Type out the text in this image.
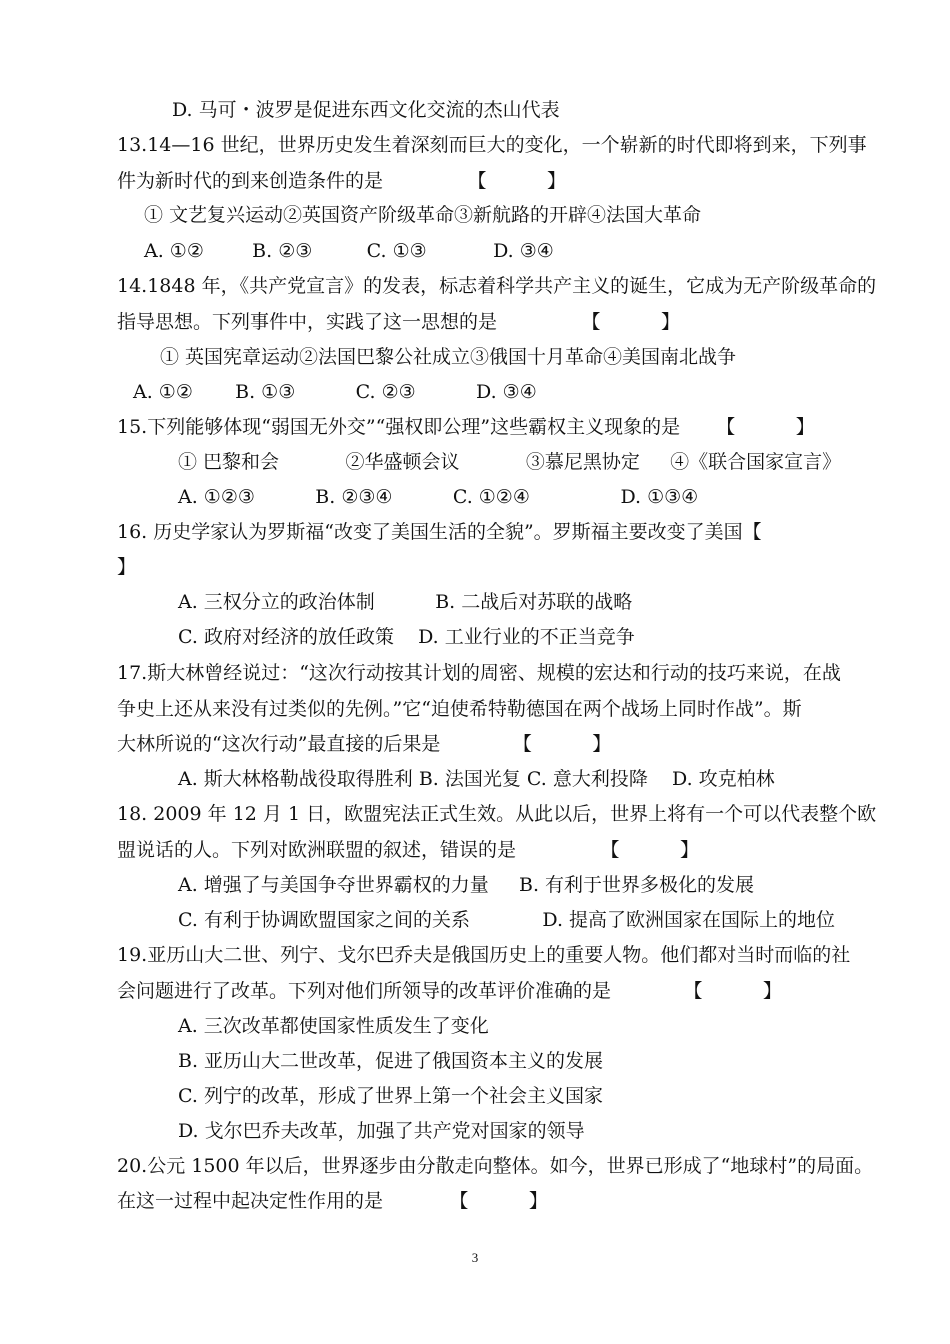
D. 马可・波罗是促进东西文化交流的杰山代表
13.14—16 世纪，世界历史发生着深刻而巨大的变化，一个崭新的时代即将到来，下列事
件为新时代的到来创造条件的是              【          】
① 文艺复兴运动②英国资产阶级革命③新航路的开辟④法国大革命
A. ①②        B. ②③         C. ①③           D. ③④
14.1848 年，《共产党宣言》的发表，标志着科学共产主义的诞生，它成为无产阶级革命的
指导思想。下列事件中，实践了这一思想的是              【          】
① 英国宪章运动②法国巴黎公社成立③俄国十月革命④美国南北战争
A. ①②       B. ①③          C. ②③          D. ③④
15.下列能够体现“弱国无外交”“强权即公理”这些霸权主义现象的是      【          】
① 巴黎和会           ②华盛顿会议           ③慕尼黑协定     ④《联合国家宣言》
A. ①②③          B. ②③④          C. ①②④               D. ①③④
16. 历史学家认为罗斯福“改变了美国生活的全貌”。罗斯福主要改变了美国【
】
A. 三权分立的政治体制          B. 二战后对苏联的战略
C. 政府对经济的放任政策    D. 工业行业的不正当竞争
17.斯大林曾经说过：“这次行动按其计划的周密、规模的宏达和行动的技巧来说，在战
争史上还从来没有过类似的先例。”它“迫使希特勒德国在两个战场上同时作战”。斯
大林所说的“这次行动”最直接的后果是            【          】
A. 斯大林格勒战役取得胜利 B. 法国光复 C. 意大利投降    D. 攻克柏林
18. 2009 年 12 月 1 日，欧盟宪法正式生效。从此以后，世界上将有一个可以代表整个欧
盟说话的人。下列对欧洲联盟的叙述，错误的是              【          】
A. 增强了与美国争夺世界霸权的力量     B. 有利于世界多极化的发展
C. 有利于协调欧盟国家之间的关系            D. 提高了欧洲国家在国际上的地位
19.亚历山大二世、列宁、戈尔巴乔夫是俄国历史上的重要人物。他们都对当时而临的社
会问题进行了改革。下列对他们所领导的改革评价准确的是            【          】
A. 三次改革都使国家性质发生了变化
B. 亚历山大二世改革，促进了俄国资本主义的发展
C. 列宁的改革，形成了世界上第一个社会主义国家
D. 戈尔巴乔夫改革，加强了共产党对国家的领导
20.公元 1500 年以后，世界逐步由分散走向整体。如今，世界已形成了“地球村”的局面。
在这一过程中起决定性作用的是           【          】
3
